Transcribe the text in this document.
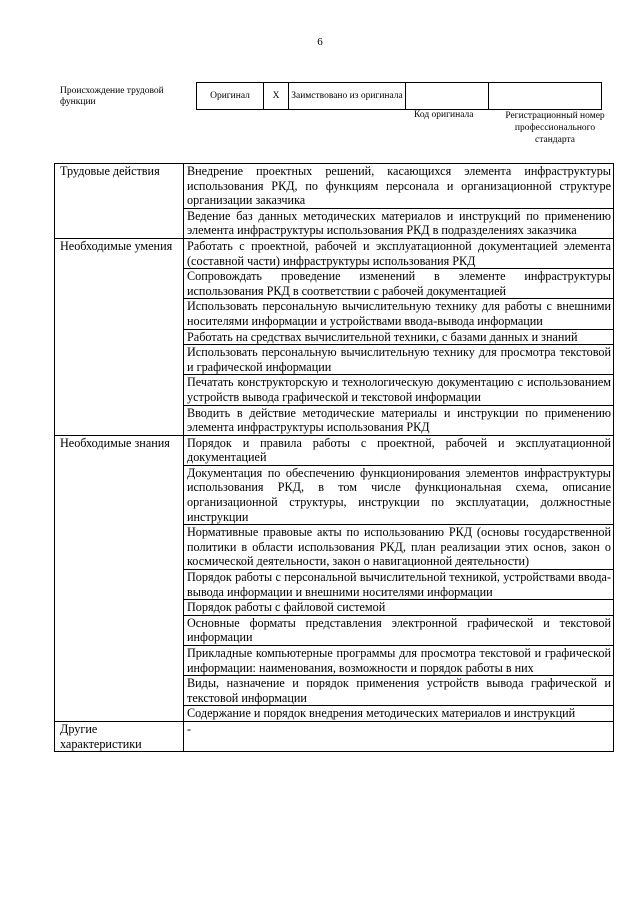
6
Происхождение трудовой функции
Оригинал	X	Заимствовано из оригинала		
Код оригинала	Регистрационный номер профессионального стандарта
Трудовые действия	Внедрение проектных решений, касающихся элемента инфраструктуры использования РКД, по функциям персонала и организационной структуре организации заказчика
	Ведение баз данных методических материалов и инструкций по применению элемента инфраструктуры использования РКД в подразделениях заказчика
Необходимые умения	Работать с проектной, рабочей и эксплуатационной документацией элемента (составной части) инфраструктуры использования РКД
	Сопровождать проведение изменений в элементе инфраструктуры использования РКД в соответствии с рабочей документацией
	Использовать персональную вычислительную технику для работы с внешними носителями информации и устройствами ввода-вывода информации
	Работать на средствах вычислительной техники, с базами данных и знаний
	Использовать персональную вычислительную технику для просмотра текстовой и графической информации
	Печатать конструкторскую и технологическую документацию с использованием устройств вывода графической и текстовой информации
	Вводить в действие методические материалы и инструкции по применению элемента инфраструктуры использования РКД
Необходимые знания	Порядок и правила работы с проектной, рабочей и эксплуатационной документацией
	Документация по обеспечению функционирования элементов инфраструктуры использования РКД, в том числе функциональная схема, описание организационной структуры, инструкции по эксплуатации, должностные инструкции
	Нормативные правовые акты по использованию РКД (основы государственной политики в области использования РКД, план реализации этих основ, закон о космической деятельности, закон о навигационной деятельности)
	Порядок работы с персональной вычислительной техникой, устройствами ввода-вывода информации и внешними носителями информации
	Порядок работы с файловой системой
	Основные форматы представления электронной графической и текстовой информации
	Прикладные компьютерные программы для просмотра текстовой и графической информации: наименования, возможности и порядок работы в них
	Виды, назначение и порядок применения устройств вывода графической и текстовой информации
	Содержание и порядок внедрения методических материалов и инструкций
Другие характеристики	-
